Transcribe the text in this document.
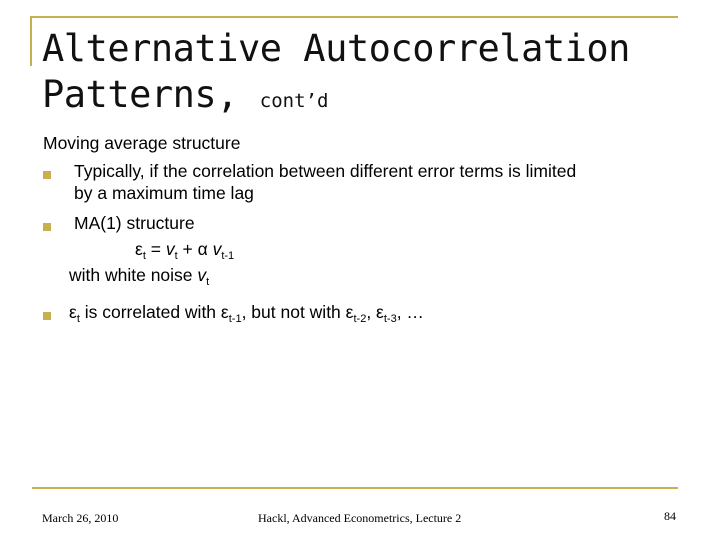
Alternative Autocorrelation
Patterns, cont’d
Moving average structure
Typically, if the correlation between different error terms is limited
by a maximum time lag
MA(1) structure
$\varepsilon_t = v_t + \alpha$ $v_{t-1}$
with white noise $v_t$
$\varepsilon_t$ is correlated with $\varepsilon_{t-1}$, but not with $\varepsilon_{t-2}$, $\varepsilon_{t-3}$, …
March 26, 2010	Hackl, Advanced Econometrics, Lecture 2	84
